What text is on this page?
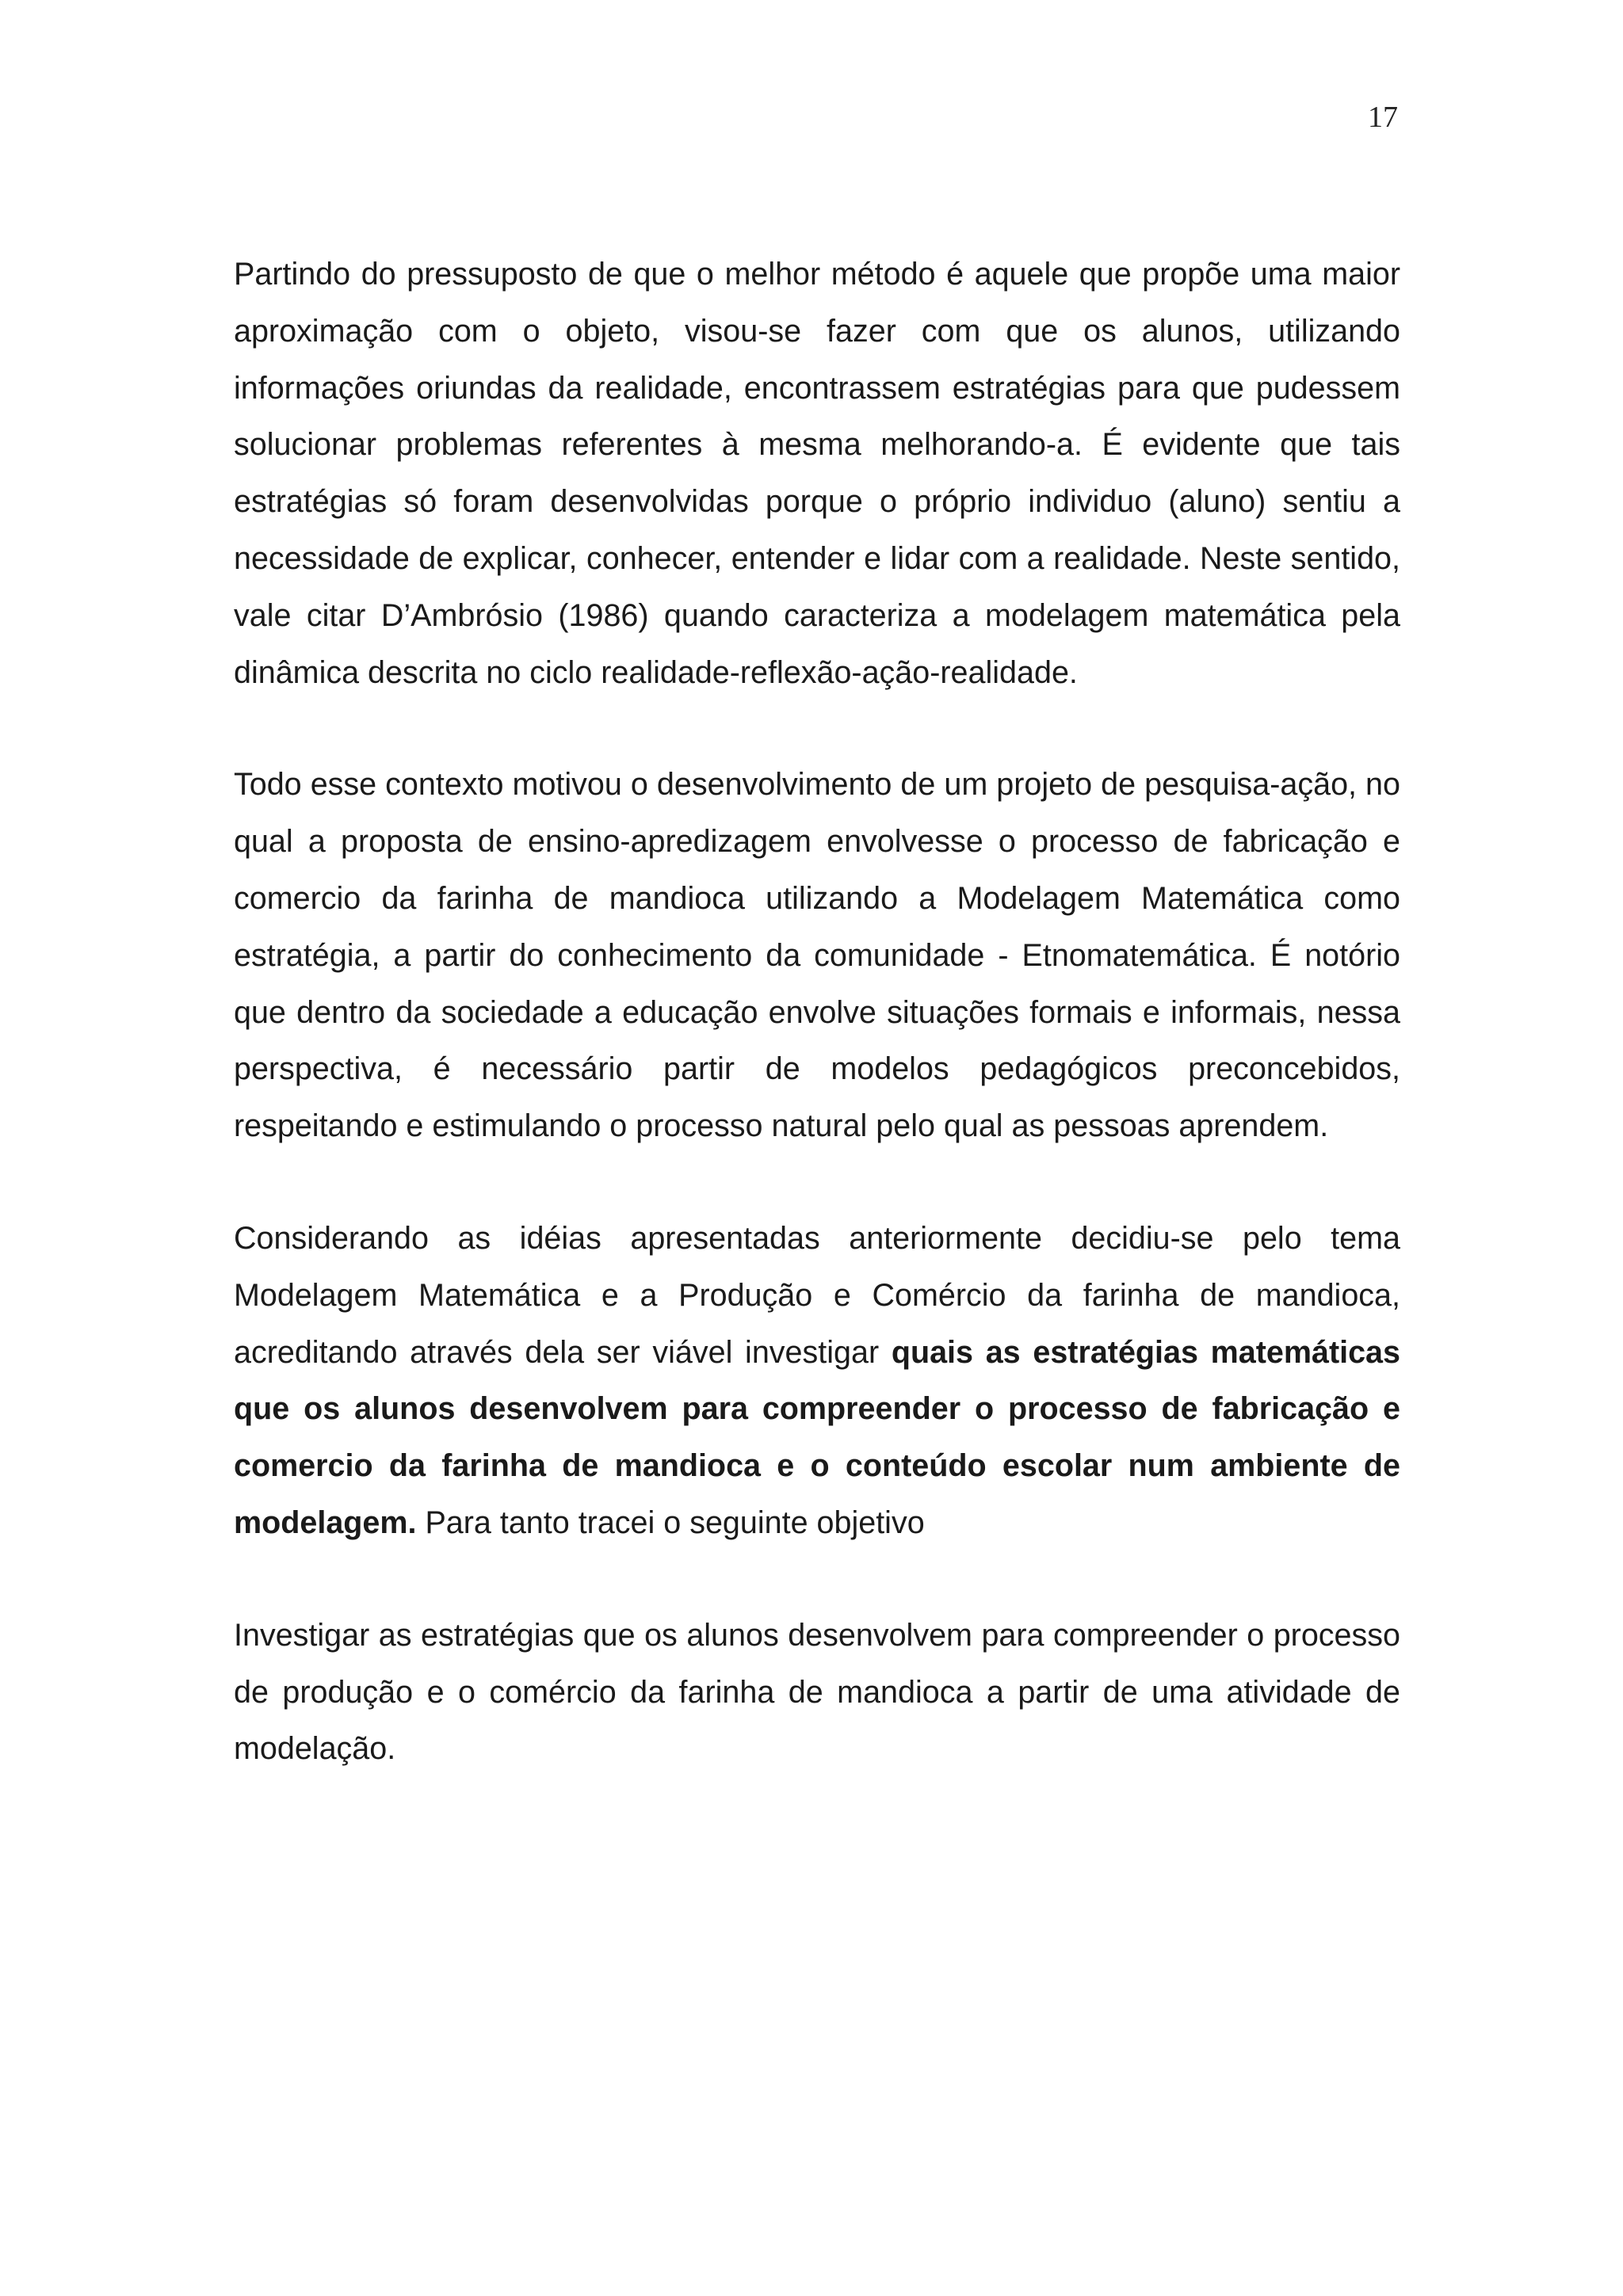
17

Partindo do pressuposto de que o melhor método é aquele que propõe uma maior aproximação com o objeto, visou-se fazer com que os alunos, utilizando informações oriundas da realidade, encontrassem estratégias para que pudessem solucionar problemas referentes à mesma melhorando-a. É evidente que tais estratégias só foram desenvolvidas porque o próprio individuo (aluno) sentiu a necessidade de explicar, conhecer, entender e lidar com a realidade. Neste sentido, vale citar D’Ambrósio (1986) quando caracteriza a modelagem matemática pela dinâmica descrita no ciclo realidade-reflexão-ação-realidade.

Todo esse contexto motivou o desenvolvimento de um projeto de pesquisa-ação, no qual a proposta de ensino-apredizagem envolvesse o processo de fabricação e comercio da farinha de mandioca utilizando a Modelagem Matemática como estratégia, a partir do conhecimento da comunidade - Etnomatemática. É notório que dentro da sociedade a educação envolve situações formais e informais, nessa perspectiva, é necessário partir de modelos pedagógicos preconcebidos, respeitando e estimulando o processo natural pelo qual as pessoas aprendem.

Considerando as idéias apresentadas anteriormente decidiu-se pelo tema Modelagem Matemática e a Produção e Comércio da farinha de mandioca, acreditando através dela ser viável investigar quais as estratégias matemáticas que os alunos desenvolvem para compreender o processo de fabricação e comercio da farinha de mandioca e o conteúdo escolar num ambiente de modelagem. Para tanto tracei o seguinte objetivo

Investigar as estratégias que os alunos desenvolvem para compreender o processo de produção e o comércio da farinha de mandioca a partir de uma atividade de modelação.
